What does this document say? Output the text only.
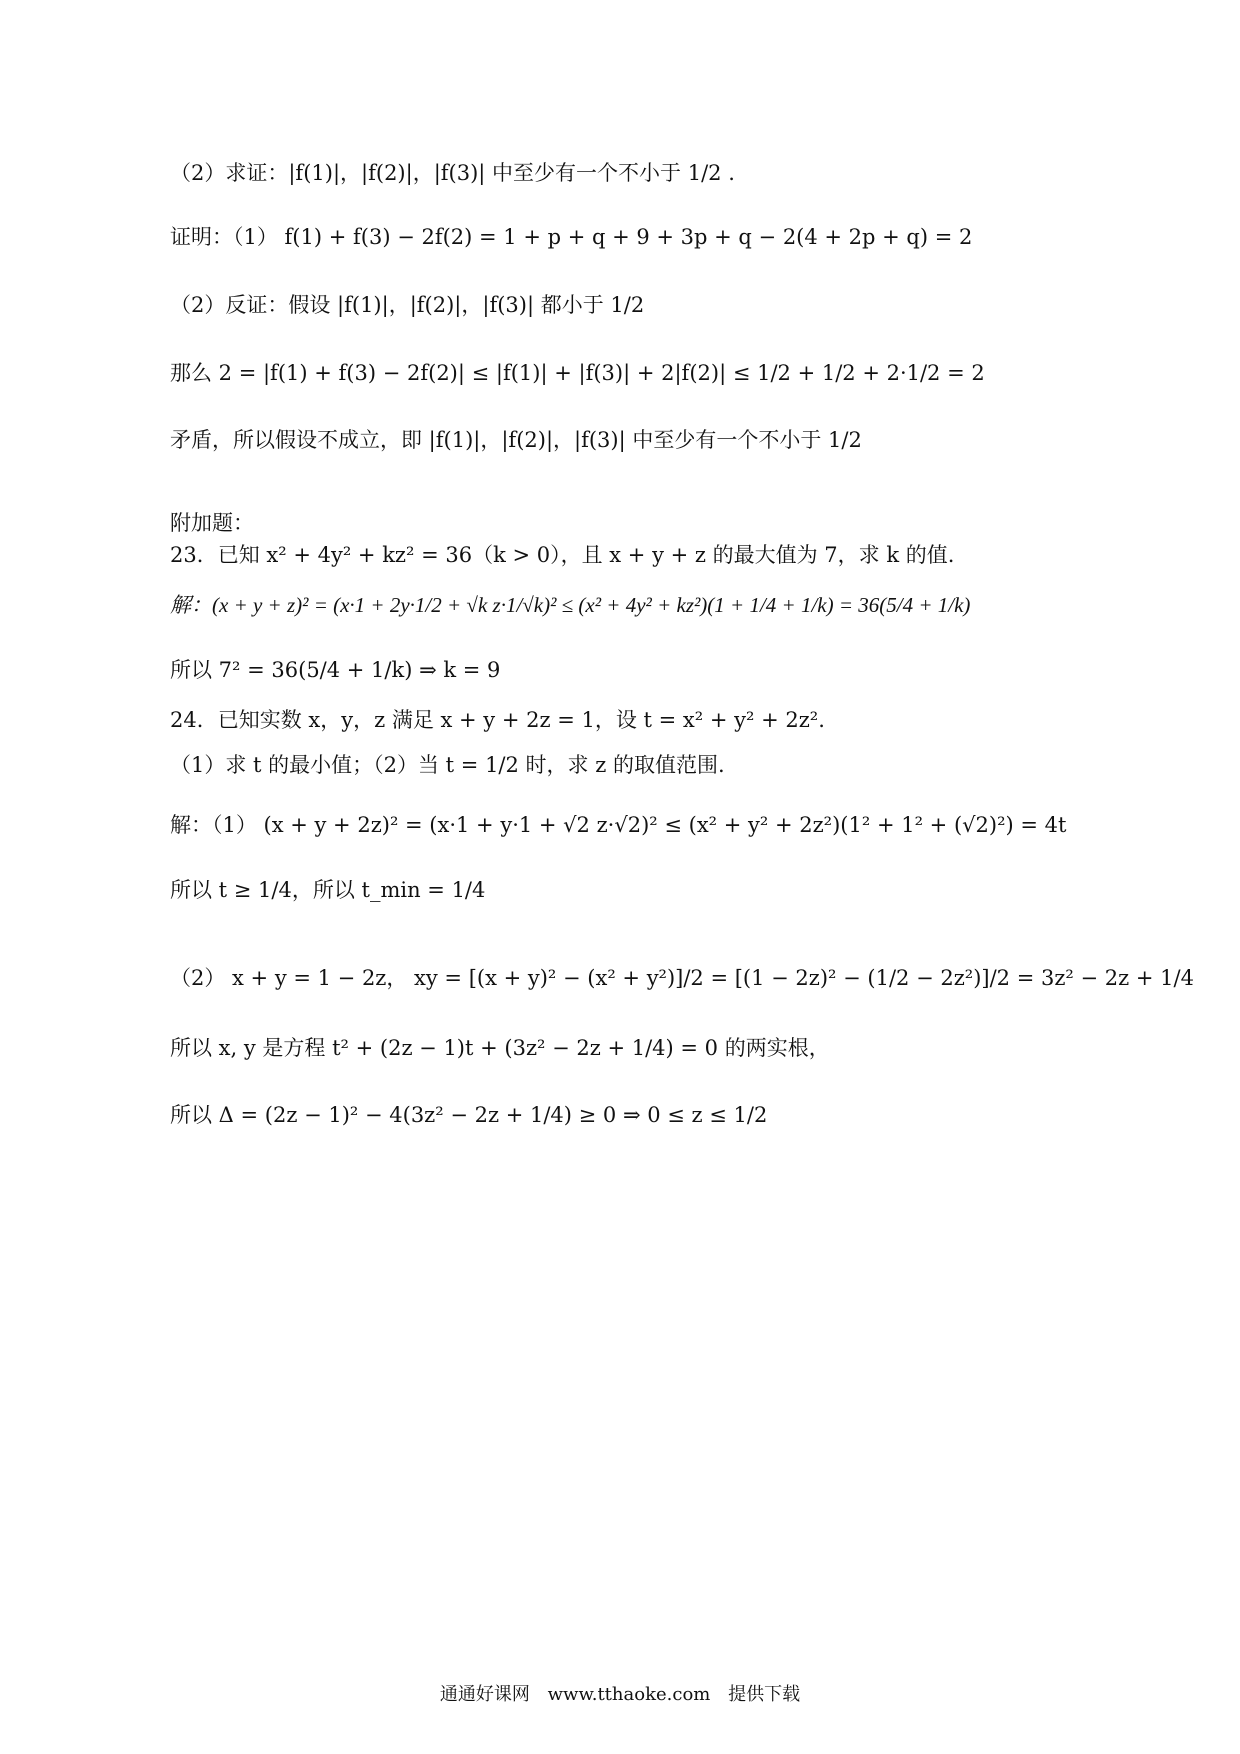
（2）求证：|f(1)|，|f(2)|，|f(3)| 中至少有一个不小于 1/2 .
证明：（1） f(1) + f(3) − 2f(2) = 1 + p + q + 9 + 3p + q − 2(4 + 2p + q) = 2
（2）反证：假设 |f(1)|，|f(2)|，|f(3)| 都小于 1/2
那么 2 = |f(1) + f(3) − 2f(2)| ≤ |f(1)| + |f(3)| + 2|f(2)| ≤ 1/2 + 1/2 + 2·1/2 = 2
矛盾，所以假设不成立，即 |f(1)|，|f(2)|，|f(3)| 中至少有一个不小于 1/2
附加题：
23．已知 x² + 4y² + kz² = 36（k > 0），且 x + y + z 的最大值为 7，求 k 的值.
解：(x + y + z)² = (x·1 + 2y·1/2 + √k z·1/√k)² ≤ (x² + 4y² + kz²)(1 + 1/4 + 1/k) = 36(5/4 + 1/k)
所以 7² = 36(5/4 + 1/k) ⇒ k = 9
24．已知实数 x，y，z 满足 x + y + 2z = 1，设 t = x² + y² + 2z².
（1）求 t 的最小值；（2）当 t = 1/2 时，求 z 的取值范围.
解：（1） (x + y + 2z)² = (x·1 + y·1 + √2 z·√2)² ≤ (x² + y² + 2z²)(1² + 1² + (√2)²) = 4t
所以 t ≥ 1/4，所以 t_min = 1/4
（2） x + y = 1 − 2z， xy = [(x + y)² − (x² + y²)]/2 = [(1 − 2z)² − (1/2 − 2z²)]/2 = 3z² − 2z + 1/4
所以 x, y 是方程 t² + (2z − 1)t + (3z² − 2z + 1/4) = 0 的两实根，
所以 Δ = (2z − 1)² − 4(3z² − 2z + 1/4) ≥ 0 ⇒ 0 ≤ z ≤ 1/2
通通好课网 www.tthaoke.com 提供下载
